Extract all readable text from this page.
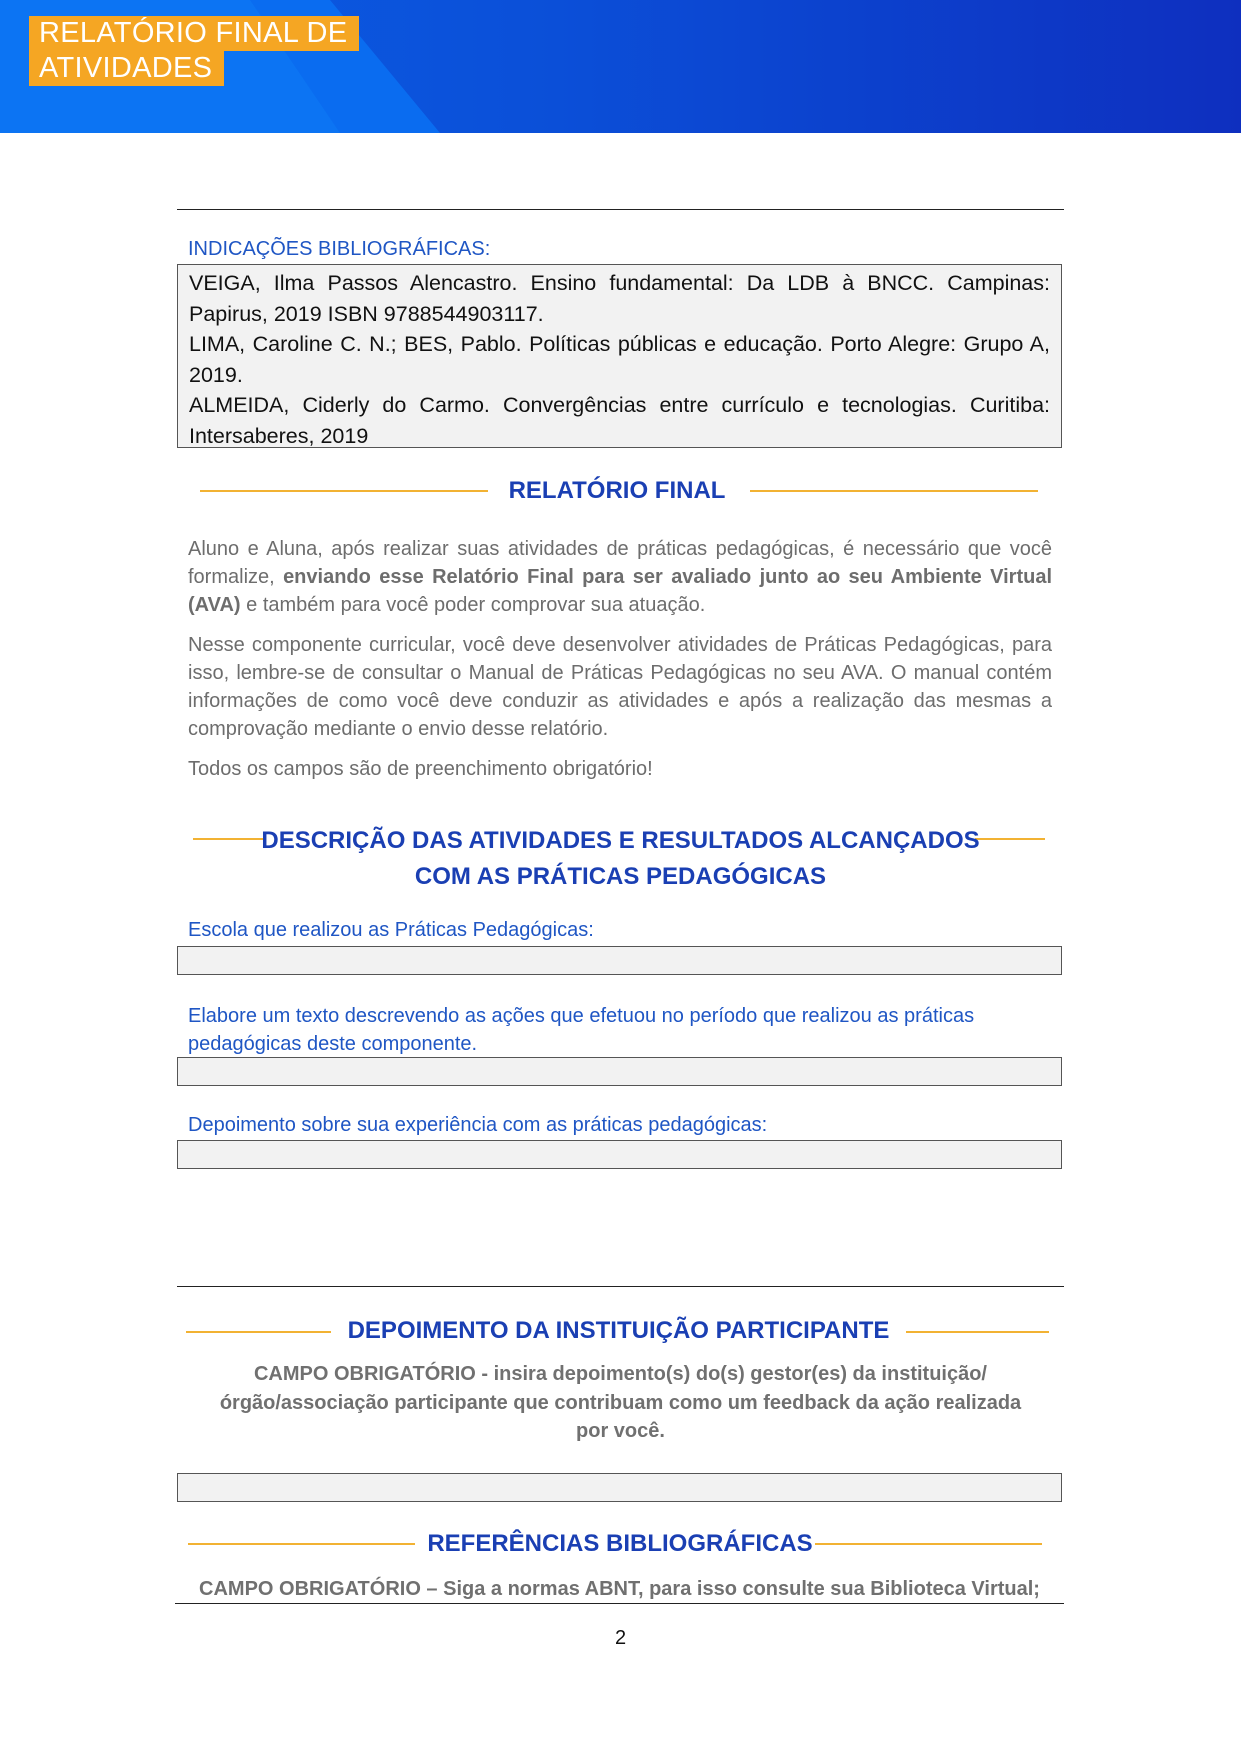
RELATÓRIO FINAL DE
ATIVIDADES
INDICAÇÕES BIBLIOGRÁFICAS:

VEIGA, Ilma Passos Alencastro. Ensino fundamental: Da LDB à BNCC. Campinas: Papirus, 2019 ISBN 9788544903117.

LIMA, Caroline C. N.; BES, Pablo. Políticas públicas e educação. Porto Alegre: Grupo A, 2019.

ALMEIDA, Ciderly do Carmo. Convergências entre currículo e tecnologias. Curitiba: Intersaberes, 2019

RELATÓRIO FINAL

Aluno e Aluna, após realizar suas atividades de práticas pedagógicas, é necessário que você formalize, enviando esse Relatório Final para ser avaliado junto ao seu Ambiente Virtual (AVA) e também para você poder comprovar sua atuação.

Nesse componente curricular, você deve desenvolver atividades de Práticas Pedagógicas, para isso, lembre-se de consultar o Manual de Práticas Pedagógicas no seu AVA. O manual contém informações de como você deve conduzir as atividades e após a realização das mesmas a comprovação mediante o envio desse relatório.

Todos os campos são de preenchimento obrigatório!

DESCRIÇÃO DAS ATIVIDADES E RESULTADOS ALCANÇADOS
COM AS PRÁTICAS PEDAGÓGICAS
Escola que realizou as Práticas Pedagógicas:
Elabore um texto descrevendo as ações que efetuou no período que realizou as práticas pedagógicas deste componente.
Depoimento sobre sua experiência com as práticas pedagógicas:
DEPOIMENTO DA INSTITUIÇÃO PARTICIPANTE
CAMPO OBRIGATÓRIO - insira depoimento(s) do(s) gestor(es) da instituição/órgão/associação participante que contribuam como um feedback da ação realizada por você.
REFERÊNCIAS BIBLIOGRÁFICAS
CAMPO OBRIGATÓRIO – Siga a normas ABNT, para isso consulte sua Biblioteca Virtual;
2
